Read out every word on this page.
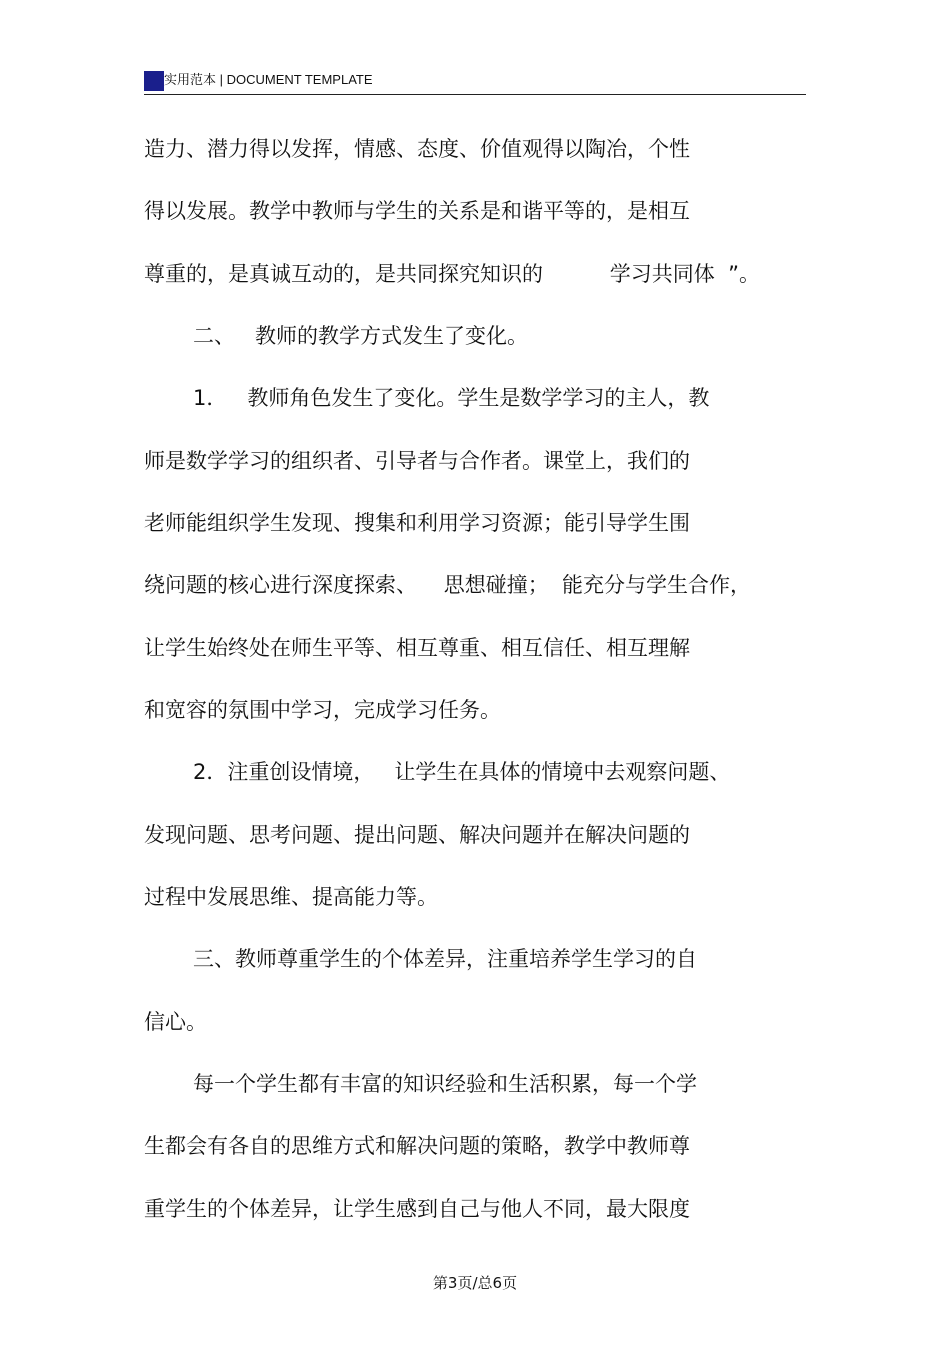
实用范本 | DOCUMENT TEMPLATE
造力、潜力得以发挥，情感、态度、价值观得以陶冶，个性
得以发展。教学中教师与学生的关系是和谐平等的，是相互
尊重的，是真诚互动的，是共同探究知识的          学习共同体  ”。
二、   教师的教学方式发生了变化。
1．   教师角色发生了变化。学生是数学学习的主人，教
师是数学学习的组织者、引导者与合作者。课堂上，我们的
老师能组织学生发现、搜集和利用学习资源；能引导学生围
绕问题的核心进行深度探索、    思想碰撞；  能充分与学生合作，
让学生始终处在师生平等、相互尊重、相互信任、相互理解
和宽容的氛围中学习，完成学习任务。
2．注重创设情境，   让学生在具体的情境中去观察问题、
发现问题、思考问题、提出问题、解决问题并在解决问题的
过程中发展思维、提高能力等。
三、教师尊重学生的个体差异，注重培养学生学习的自
信心。
每一个学生都有丰富的知识经验和生活积累，每一个学
生都会有各自的思维方式和解决问题的策略，教学中教师尊
重学生的个体差异，让学生感到自己与他人不同，最大限度
第3页/总6页
